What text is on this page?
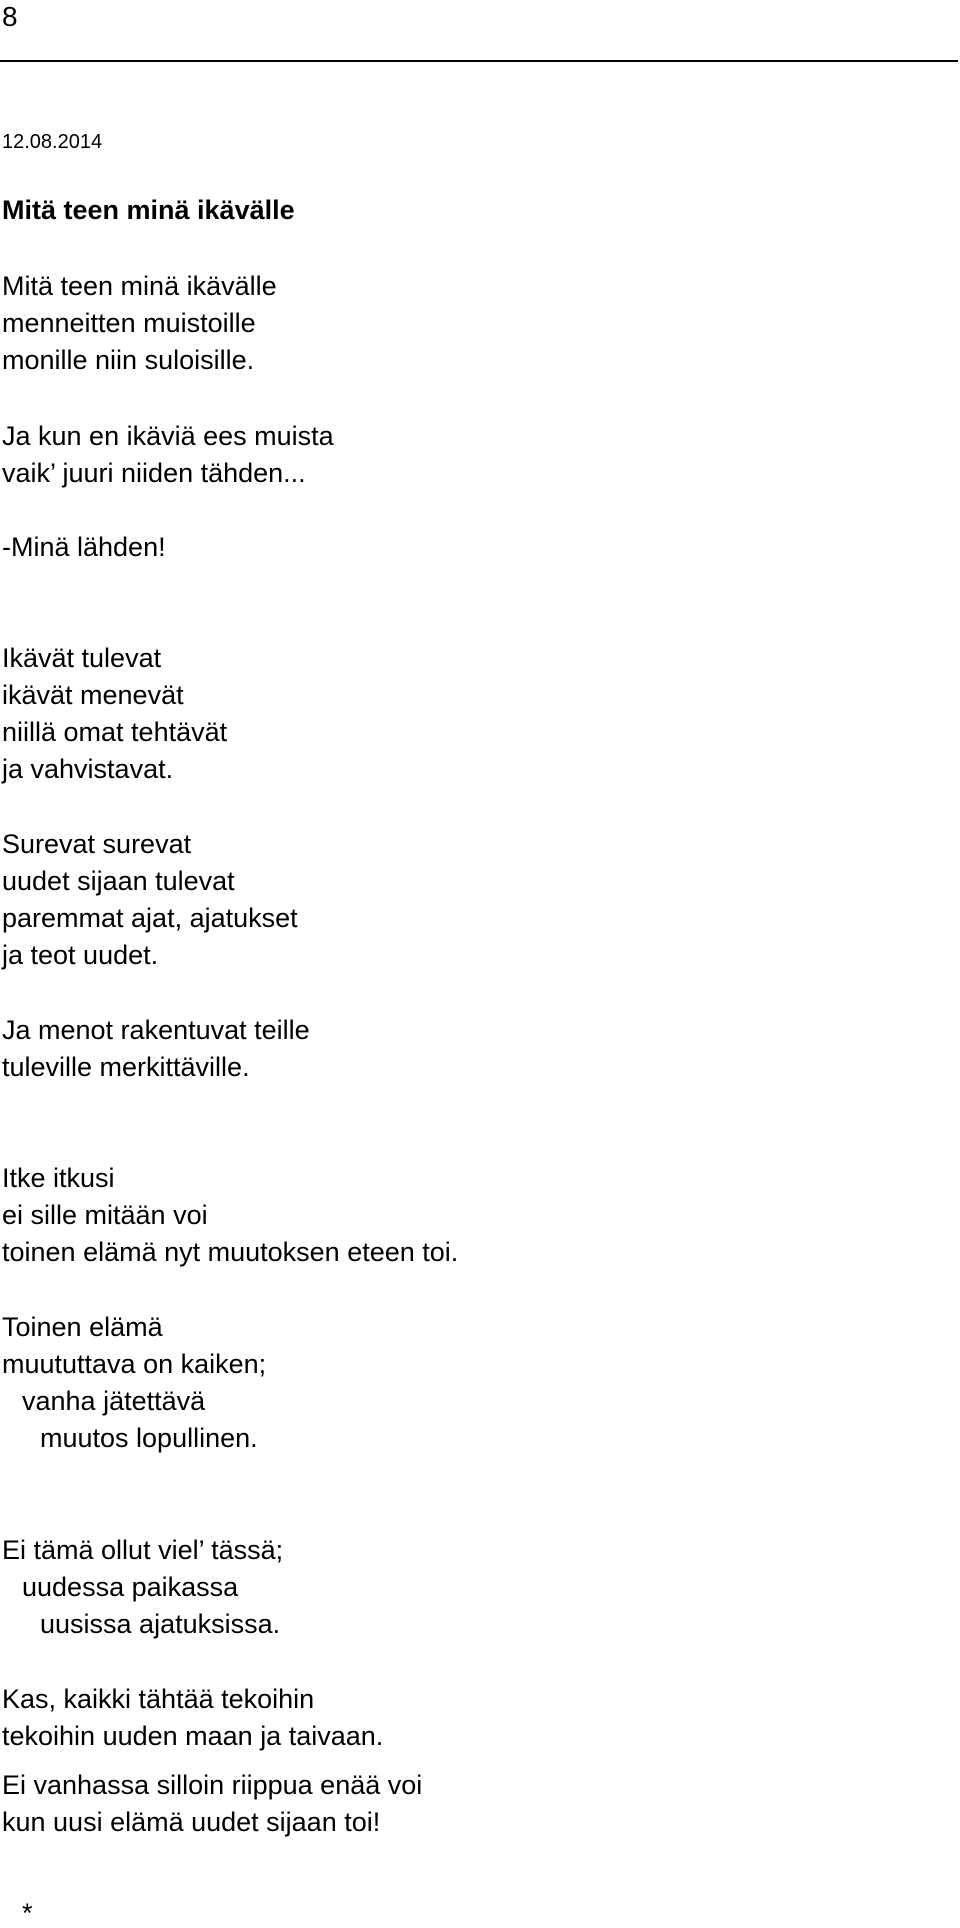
8

12.08.2014

Mitä teen minä ikävälle

Mitä teen minä ikävälle
menneitten muistoille
monille niin suloisille.

Ja kun en ikäviä ees muista
vaik’ juuri niiden tähden...

-Minä lähden!

Ikävät tulevat
ikävät menevät
niillä omat tehtävät
ja vahvistavat.

Surevat surevat
uudet sijaan tulevat
paremmat ajat, ajatukset
ja teot uudet.

Ja menot rakentuvat teille
tuleville merkittäville.

Itke itkusi
ei sille mitään voi
toinen elämä nyt muutoksen eteen toi.

Toinen elämä
muututtava on kaiken;
vanha jätettävä
muutos lopullinen.

Ei tämä ollut viel’ tässä;
uudessa paikassa
uusissa ajatuksissa.

Kas, kaikki tähtää tekoihin
tekoihin uuden maan ja taivaan.

Ei vanhassa silloin riippua enää voi
kun uusi elämä uudet sijaan toi!

*
